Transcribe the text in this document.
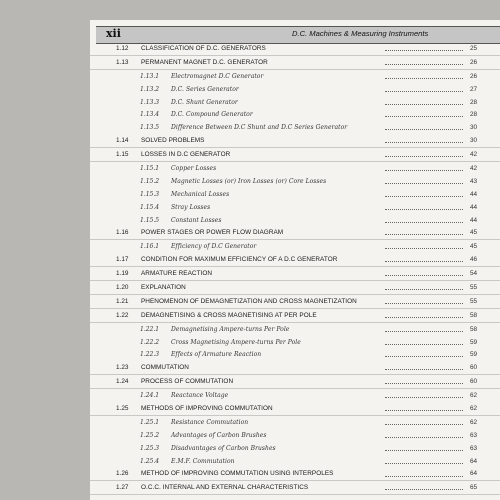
xii	D.C. Machines & Measuring Instruments
1.12	CLASSIFICATION OF D.C. GENERATORS	25
1.13	PERMANENT MAGNET D.C. GENERATOR	26
1.13.1	Electromagnet D.C Generator	26
1.13.2	D.C. Series Generator	27
1.13.3	D.C. Shunt Generator	28
1.13.4	D.C. Compound Generator	28
1.13.5	Difference Between D.C Shunt and D.C Series Generator	30
1.14	SOLVED PROBLEMS	30
1.15	LOSSES IN D.C GENERATOR	42
1.15.1	Copper Losses	42
1.15.2	Magnetic Losses (or) Iron Losses (or) Core Losses	43
1.15.3	Mechanical Losses	44
1.15.4	Stray Losses	44
1.15.5	Constant Losses	44
1.16	POWER STAGES OR POWER FLOW DIAGRAM	45
1.16.1	Efficiency of D.C Generator	45
1.17	CONDITION FOR MAXIMUM EFFICIENCY OF A D.C GENERATOR	46
1.19	ARMATURE REACTION	54
1.20	EXPLANATION	55
1.21	PHENOMENON OF DEMAGNETIZATION AND CROSS MAGNETIZATION	55
1.22	DEMAGNETISING & CROSS MAGNETISING AT PER POLE	58
1.22.1	Demagnetising Ampere-turns Per Pole	58
1.22.2	Cross Magnetising Ampere-turns Per Pole	59
1.22.3	Effects of Armature Reaction	59
1.23	COMMUTATION	60
1.24	PROCESS OF COMMUTATION	60
1.24.1	Reactance Voltage	62
1.25	METHODS OF IMPROVING COMMUTATION	62
1.25.1	Resistance Commutation	62
1.25.2	Advantages of Carbon Brushes	63
1.25.3	Disadvantages of Carbon Brushes	63
1.25.4	E.M.F. Commutation	64
1.26	METHOD OF IMPROVING COMMUTATION USING INTERPOLES	64
1.27	O.C.C. INTERNAL AND EXTERNAL CHARACTERISTICS	65
